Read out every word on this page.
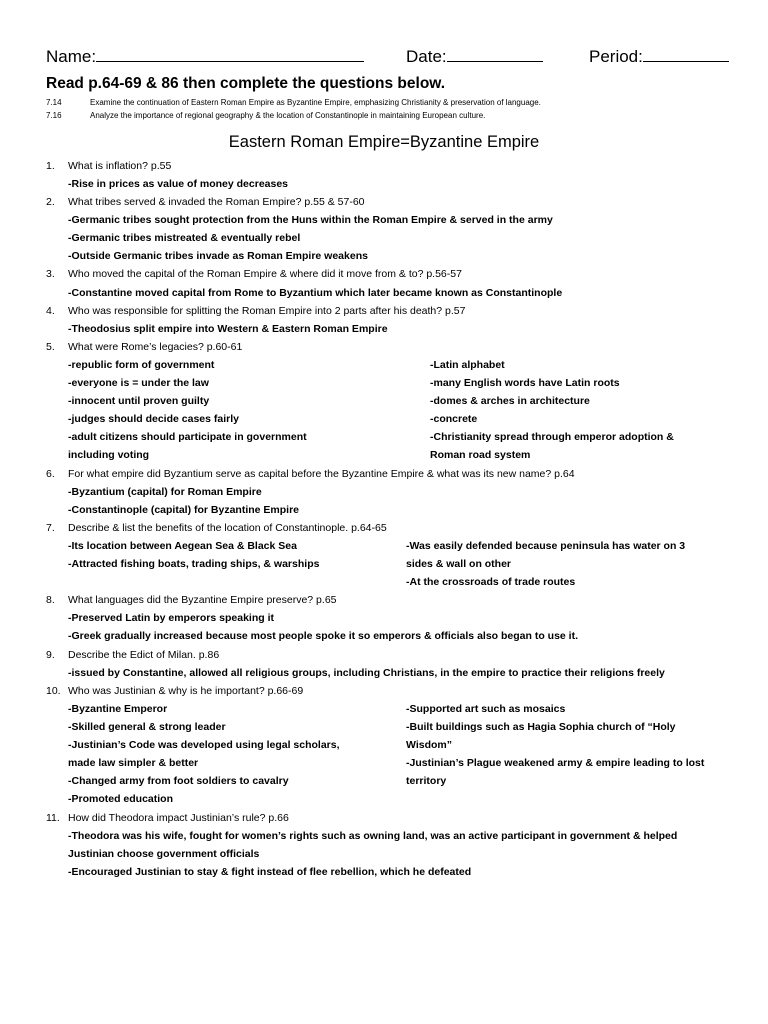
Name:	Date:	Period:
Read p.64-69 & 86 then complete the questions below.
7.14	Examine the continuation of Eastern Roman Empire as Byzantine Empire, emphasizing Christianity & preservation of language.
7.16	Analyze the importance of regional geography & the location of Constantinople in maintaining European culture.
Eastern Roman Empire=Byzantine Empire
1. What is inflation? p.55
-Rise in prices as value of money decreases
2. What tribes served & invaded the Roman Empire? p.55 & 57-60
-Germanic tribes sought protection from the Huns within the Roman Empire & served in the army
-Germanic tribes mistreated & eventually rebel
-Outside Germanic tribes invade as Roman Empire weakens
3. Who moved the capital of the Roman Empire & where did it move from & to? p.56-57
-Constantine moved capital from Rome to Byzantium which later became known as Constantinople
4. Who was responsible for splitting the Roman Empire into 2 parts after his death? p.57
-Theodosius split empire into Western & Eastern Roman Empire
5. What were Rome’s legacies? p.60-61
-republic form of government	-Latin alphabet
-everyone is = under the law	-many English words have Latin roots
-innocent until proven guilty	-domes & arches in architecture
-judges should decide cases fairly	-concrete
-adult citizens should participate in government	-Christianity spread through emperor adoption &
including voting	Roman road system
6. For what empire did Byzantium serve as capital before the Byzantine Empire & what was its new name? p.64
-Byzantium (capital) for Roman Empire
-Constantinople (capital) for Byzantine Empire
7. Describe & list the benefits of the location of Constantinople. p.64-65
-Its location between Aegean Sea & Black Sea	-Was easily defended because peninsula has water on 3
-Attracted fishing boats, trading ships, & warships	sides & wall on other
-At the crossroads of trade routes
8. What languages did the Byzantine Empire preserve? p.65
-Preserved Latin by emperors speaking it
-Greek gradually increased because most people spoke it so emperors & officials also began to use it.
9. Describe the Edict of Milan. p.86
-issued by Constantine, allowed all religious groups, including Christians, in the empire to practice their religions freely
10. Who was Justinian & why is he important? p.66-69
-Byzantine Emperor	-Supported art such as mosaics
-Skilled general & strong leader	-Built buildings such as Hagia Sophia church of “Holy
-Justinian’s Code was developed using legal scholars,	Wisdom”
made law simpler & better	-Justinian’s Plague weakened army & empire leading to lost
-Changed army from foot soldiers to cavalry	territory
-Promoted education
11. How did Theodora impact Justinian’s rule? p.66
-Theodora was his wife, fought for women’s rights such as owning land, was an active participant in government & helped
Justinian choose government officials
-Encouraged Justinian to stay & fight instead of flee rebellion, which he defeated
